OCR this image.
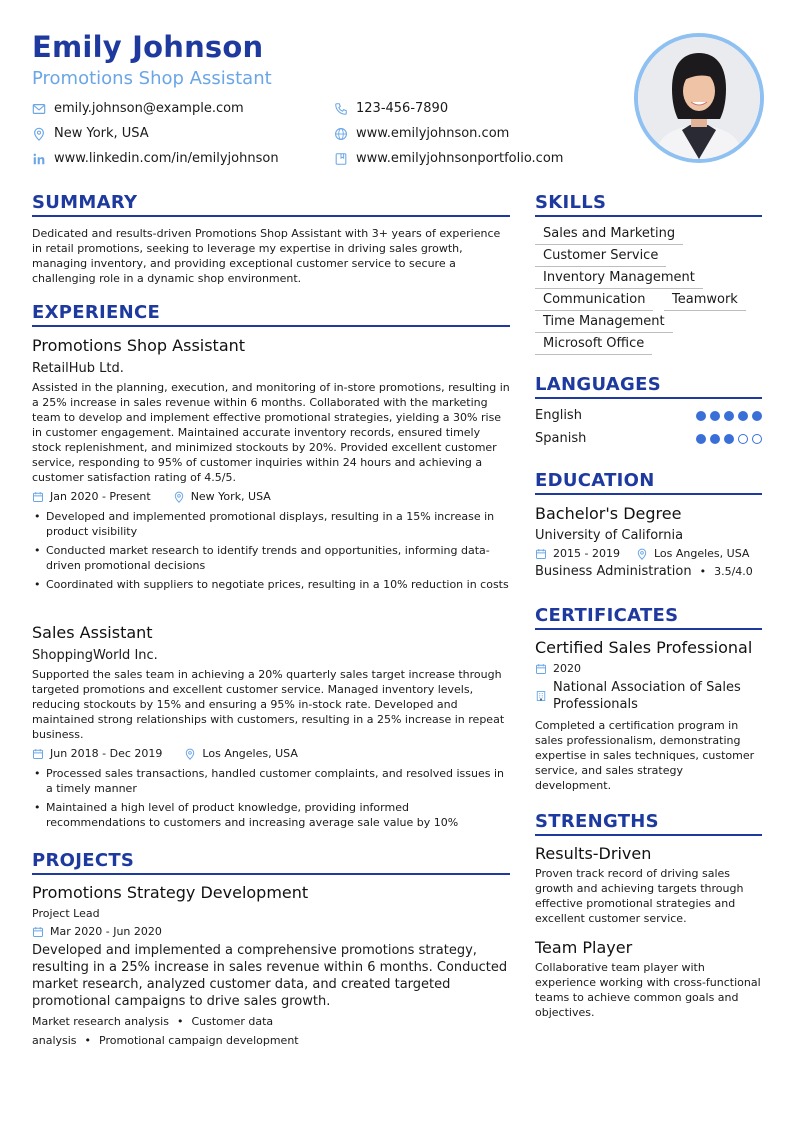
Emily Johnson
Promotions Shop Assistant
emily.johnson@example.com	123-456-7890
New York, USA	www.emilyjohnson.com
www.linkedin.com/in/emilyjohnson	www.emilyjohnsonportfolio.com
SUMMARY
Dedicated and results-driven Promotions Shop Assistant with 3+ years of experience in retail promotions, seeking to leverage my expertise in driving sales growth, managing inventory, and providing exceptional customer service to secure a challenging role in a dynamic shop environment.
EXPERIENCE
Promotions Shop Assistant
RetailHub Ltd.
Assisted in the planning, execution, and monitoring of in-store promotions, resulting in a 25% increase in sales revenue within 6 months. Collaborated with the marketing team to develop and implement effective promotional strategies, yielding a 30% rise in customer engagement. Maintained accurate inventory records, ensured timely stock replenishment, and minimized stockouts by 20%. Provided excellent customer service, responding to 95% of customer inquiries within 24 hours and achieving a customer satisfaction rating of 4.5/5.
Jan 2020 - Present	New York, USA
• Developed and implemented promotional displays, resulting in a 15% increase in product visibility
• Conducted market research to identify trends and opportunities, informing data-driven promotional decisions
• Coordinated with suppliers to negotiate prices, resulting in a 10% reduction in costs
Sales Assistant
ShoppingWorld Inc.
Supported the sales team in achieving a 20% quarterly sales target increase through targeted promotions and excellent customer service. Managed inventory levels, reducing stockouts by 15% and ensuring a 95% in-stock rate. Developed and maintained strong relationships with customers, resulting in a 25% increase in repeat business.
Jun 2018 - Dec 2019	Los Angeles, USA
• Processed sales transactions, handled customer complaints, and resolved issues in a timely manner
• Maintained a high level of product knowledge, providing informed recommendations to customers and increasing average sale value by 10%
PROJECTS
Promotions Strategy Development
Project Lead
Mar 2020 - Jun 2020
Developed and implemented a comprehensive promotions strategy, resulting in a 25% increase in sales revenue within 6 months. Conducted market research, analyzed customer data, and created targeted promotional campaigns to drive sales growth.
Market research analysis • Customer data analysis • Promotional campaign development
SKILLS
Sales and Marketing
Customer Service
Inventory Management
Communication	Teamwork
Time Management
Microsoft Office
LANGUAGES
English
Spanish
EDUCATION
Bachelor's Degree
University of California
2015 - 2019	Los Angeles, USA
Business Administration • 3.5/4.0
CERTIFICATES
Certified Sales Professional
2020
National Association of Sales Professionals
Completed a certification program in sales professionalism, demonstrating expertise in sales techniques, customer service, and sales strategy development.
STRENGTHS
Results-Driven
Proven track record of driving sales growth and achieving targets through effective promotional strategies and excellent customer service.
Team Player
Collaborative team player with experience working with cross-functional teams to achieve common goals and objectives.
